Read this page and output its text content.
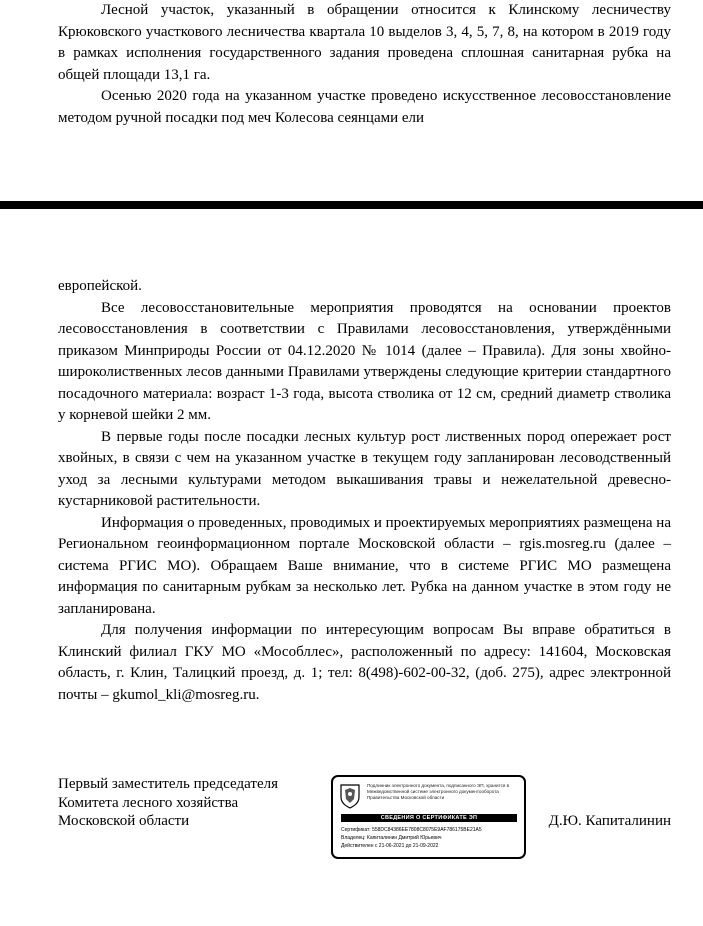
Лесной участок, указанный в обращении относится к Клинскому лесничеству Крюковского участкового лесничества квартала 10 выделов 3, 4, 5, 7, 8, на котором в 2019 году в рамках исполнения государственного задания проведена сплошная санитарная рубка на общей площади 13,1 га.

Осенью 2020 года на указанном участке проведено искусственное лесовосстановление методом ручной посадки под меч Колесова сеянцами ели

европейской.

Все лесовосстановительные мероприятия проводятся на основании проектов лесовосстановления в соответствии с Правилами лесовосстановления, утверждёнными приказом Минприроды России от 04.12.2020 № 1014 (далее – Правила). Для зоны хвойно-широколиственных лесов данными Правилами утверждены следующие критерии стандартного посадочного материала: возраст 1-3 года, высота стволика от 12 см, средний диаметр стволика у корневой шейки 2 мм.

В первые годы после посадки лесных культур рост лиственных пород опережает рост хвойных, в связи с чем на указанном участке в текущем году запланирован лесоводственный уход за лесными культурами методом выкашивания травы и нежелательной древесно-кустарниковой растительности.

Информация о проведенных, проводимых и проектируемых мероприятиях размещена на Региональном геоинформационном портале Московской области – rgis.mosreg.ru (далее – система РГИС МО). Обращаем Ваше внимание, что в системе РГИС МО размещена информация по санитарным рубкам за несколько лет. Рубка на данном участке в этом году не запланирована.

Для получения информации по интересующим вопросам Вы вправе обратиться в Клинский филиал ГКУ МО «Мособллес», расположенный по адресу: 141604, Московская область, г. Клин, Талицкий проезд, д. 1; тел: 8(498)-602-00-32, (доб. 275), адрес электронной почты – gkumol_kli@mosreg.ru.

Первый заместитель председателя
Комитета лесного хозяйства
Московской области
Подлинник электронного документа, подписанного ЭП, хранится в Межведомственной системе электронного документооборота Правительства Московской области
СВЕДЕНИЯ О СЕРТИФИКАТЕ ЭП
Сертификат: 558DC84386EE7808C8075E9AF786175BE21A5
Владелец: Капиталинин Дмитрий Юрьевич
Действителен с 21-06-2021 до 21-09-2022
Д.Ю. Капиталинин
